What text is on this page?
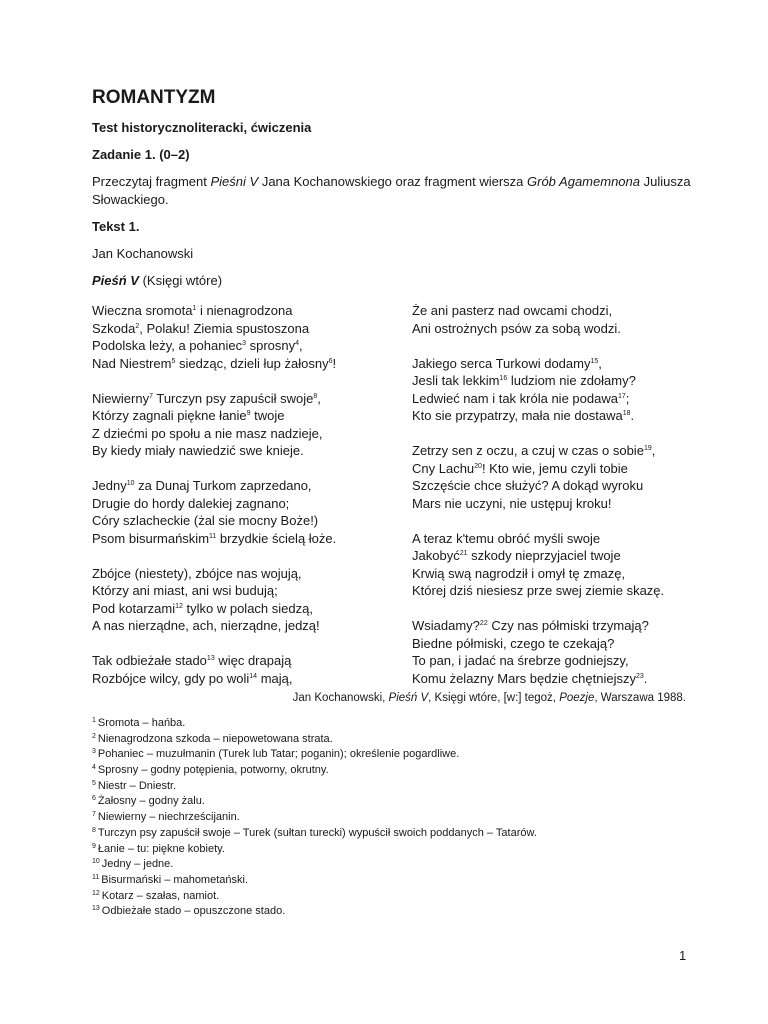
ROMANTYZM

Test historycznoliteracki, ćwiczenia

Zadanie 1. (0–2)

Przeczytaj fragment Pieśni V Jana Kochanowskiego oraz fragment wiersza Grób Agamemnona Juliusza Słowackiego.

Tekst 1.

Jan Kochanowski

Pieśń V (Księgi wtóre)

Wieczna sromota$^1$ i nienagrodzona
Szkoda$^2$, Polaku! Ziemia spustoszona
Podolska leży, a pohaniec$^3$ sprosny$^4$,
Nad Niestrem$^5$ siedząc, dzieli łup żałosny$^6$!
Niewierny$^7$ Turczyn psy zapuścił swoje$^8$,
Którzy zagnali piękne łanie$^9$ twoje
Z dziećmi po społu a nie masz nadzieje,
By kiedy miały nawiedzić swe knieje.
Jedny$^{10}$ za Dunaj Turkom zaprzedano,
Drugie do hordy dalekiej zagnano;
Córy szlacheckie (żal sie mocny Boże!)
Psom bisurmańskim$^{11}$ brzydkie ścielą łoże.
Zbójce (niestety), zbójce nas wojują,
Którzy ani miast, ani wsi budują;
Pod kotarzami$^{12}$ tylko w polach siedzą,
A nas nierządne, ach, nierządne, jedzą!
Tak odbieżałe stado$^{13}$ więc drapają
Rozbójce wilcy, gdy po woli$^{14}$ mają,
Że ani pasterz nad owcami chodzi,
Ani ostrożnych psów za sobą wodzi.
Jakiego serca Turkowi dodamy$^{15}$,
Jesli tak lekkim$^{16}$ ludziom nie zdołamy?
Ledwieć nam i tak króla nie podawa$^{17}$;
Kto sie przypatrzy, mała nie dostawa$^{18}$.
Zetrzy sen z oczu, a czuj w czas o sobie$^{19}$,
Cny Lachu$^{20}$! Kto wie, jemu czyli tobie
Szczęście chce służyć? A dokąd wyroku
Mars nie uczyni, nie ustępuj kroku!
A teraz k'temu obróć myśli swoje
Jakobyć$^{21}$ szkody nieprzyjaciel twoje
Krwią swą nagrodził i omył tę zmazę,
Której dziś niesiesz prze swej ziemie skazę.
Wsiadamy?$^{22}$ Czy nas półmiski trzymają?
Biedne półmiski, czego te czekają?
To pan, i jadać na śrebrze godniejszy,
Komu żelazny Mars będzie chętniejszy$^{23}$.
Jan Kochanowski, Pieśń V, Księgi wtóre, [w:] tegoż, Poezje, Warszawa 1988.
$^1$ Sromota – hańba.
$^2$ Nienagrodzona szkoda – niepowetowana strata.
$^3$ Pohaniec – muzułmanin (Turek lub Tatar; poganin); określenie pogardliwe.
$^4$ Sprosny – godny potępienia, potworny, okrutny.
$^5$ Niestr – Dniestr.
$^6$ Żałosny – godny żalu.
$^7$ Niewierny – niechrześcijanin.
$^8$ Turczyn psy zapuścił swoje – Turek (sułtan turecki) wypuścił swoich poddanych – Tatarów.
$^9$ Łanie – tu: piękne kobiety.
$^{10}$ Jedny – jedne.
$^{11}$ Bisurmański – mahometański.
$^{12}$ Kotarz – szałas, namiot.
$^{13}$ Odbieżałe stado – opuszczone stado.
1
